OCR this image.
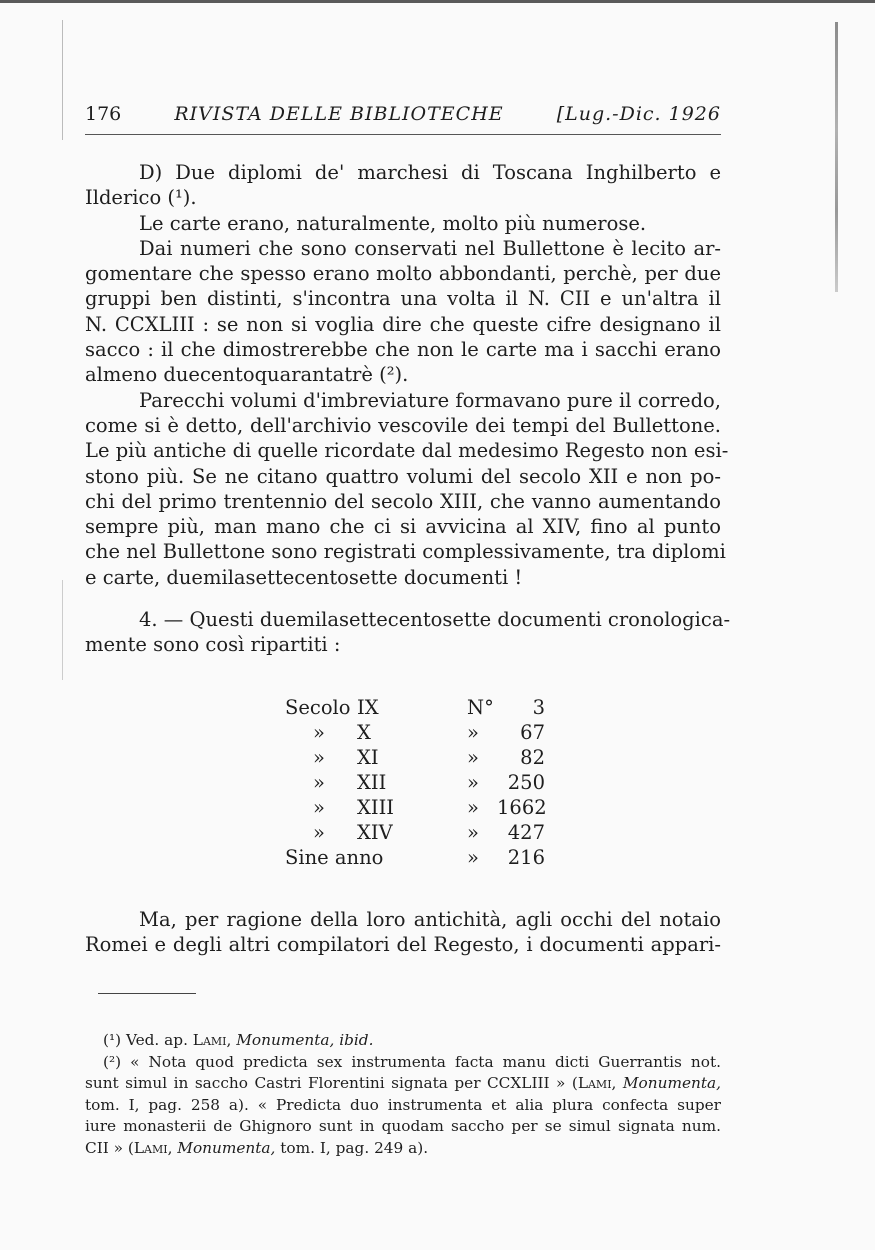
176	RIVISTA DELLE BIBLIOTECHE	[Lug.-Dic. 1926
D) Due diplomi de' marchesi di Toscana Inghilberto e
Ilderico (¹).
Le carte erano, naturalmente, molto più numerose.
Dai numeri che sono conservati nel Bullettone è lecito ar-
gomentare che spesso erano molto abbondanti, perchè, per due
gruppi ben distinti, s'incontra una volta il N. CII e un'altra il
N. CCXLIII : se non si voglia dire che queste cifre designano il
sacco : il che dimostrerebbe che non le carte ma i sacchi erano
almeno duecentoquarantatrè (²).
Parecchi volumi d'imbreviature formavano pure il corredo,
come si è detto, dell'archivio vescovile dei tempi del Bullettone.
Le più antiche di quelle ricordate dal medesimo Regesto non esi-
stono più. Se ne citano quattro volumi del secolo XII e non po-
chi del primo trentennio del secolo XIII, che vanno aumentando
sempre più, man mano che ci si avvicina al XIV, fino al punto
che nel Bullettone sono registrati complessivamente, tra diplomi
e carte, duemilasettecentosette documenti !
4. — Questi duemilasettecentosette documenti cronologica-
mente sono così ripartiti :
Secolo IX	N°	3
»	X	»	67
»	XI	»	82
»	XII	»	250
»	XIII	» 1662
»	XIV	»	427
Sine anno	»	216
Ma, per ragione della loro antichità, agli occhi del notaio
Romei e degli altri compilatori del Regesto, i documenti appari-
(¹) Ved. ap. Lami, Monumenta, ibid.
(²) « Nota quod predicta sex instrumenta facta manu dicti Guerrantis not.
sunt simul in saccho Castri Florentini signata per CCXLIII » (Lami, Monumenta,
tom. I, pag. 258 a). « Predicta duo instrumenta et alia plura confecta super
iure monasterii de Ghignoro sunt in quodam saccho per se simul signata num.
CII » (Lami, Monumenta, tom. I, pag. 249 a).
